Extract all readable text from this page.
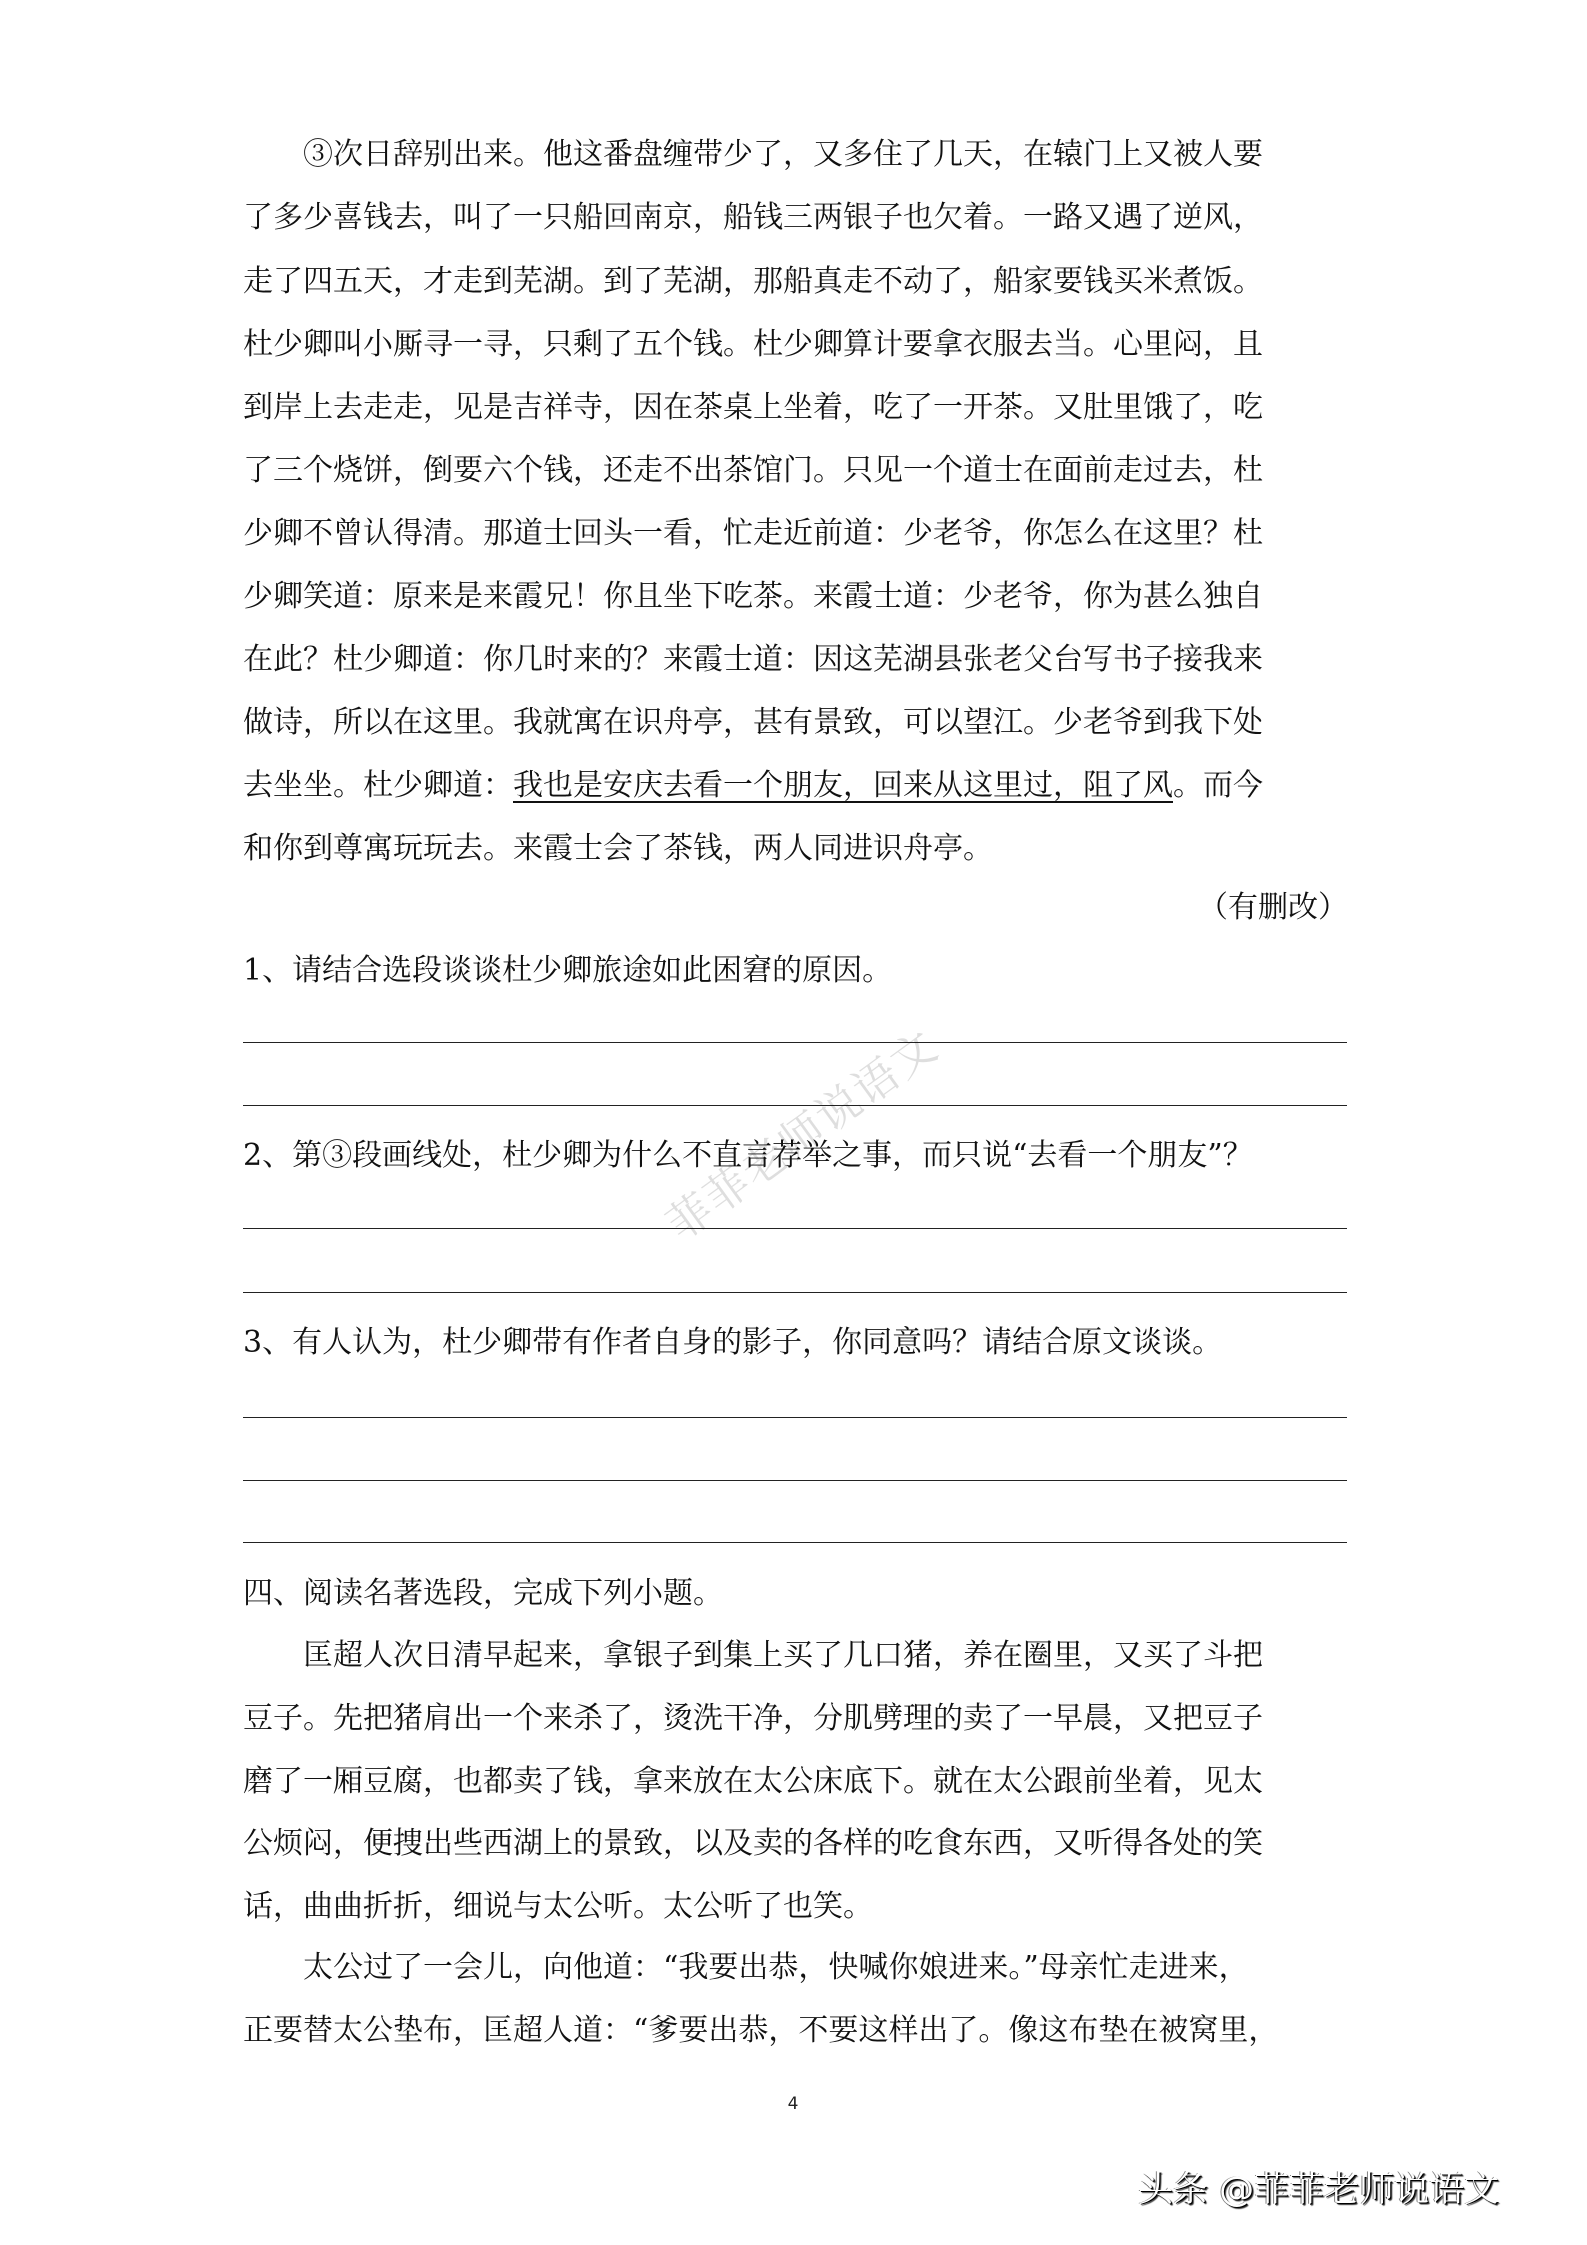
③次日辞别出来。他这番盘缠带少了，又多住了几天，在辕门上又被人要
了多少喜钱去，叫了一只船回南京，船钱三两银子也欠着。一路又遇了逆风，
走了四五天，才走到芜湖。到了芜湖，那船真走不动了，船家要钱买米煮饭。
杜少卿叫小厮寻一寻，只剩了五个钱。杜少卿算计要拿衣服去当。心里闷，且
到岸上去走走，见是吉祥寺，因在茶桌上坐着，吃了一开茶。又肚里饿了，吃
了三个烧饼，倒要六个钱，还走不出茶馆门。只见一个道士在面前走过去，杜
少卿不曾认得清。那道士回头一看，忙走近前道：少老爷，你怎么在这里？杜
少卿笑道：原来是来霞兄！你且坐下吃茶。来霞士道：少老爷，你为甚么独自
在此？杜少卿道：你几时来的？来霞士道：因这芜湖县张老父台写书子接我来
做诗，所以在这里。我就寓在识舟亭，甚有景致，可以望江。少老爷到我下处
去坐坐。杜少卿道：我也是安庆去看一个朋友，回来从这里过，阻了风。而今
和你到尊寓玩玩去。来霞士会了茶钱，两人同进识舟亭。
（有删改）
1、请结合选段谈谈杜少卿旅途如此困窘的原因。
2、第③段画线处，杜少卿为什么不直言荐举之事，而只说“去看一个朋友”？
3、有人认为，杜少卿带有作者自身的影子，你同意吗？请结合原文谈谈。
四、阅读名著选段，完成下列小题。
匡超人次日清早起来，拿银子到集上买了几口猪，养在圈里，又买了斗把
豆子。先把猪肩出一个来杀了，烫洗干净，分肌劈理的卖了一早晨，又把豆子
磨了一厢豆腐，也都卖了钱，拿来放在太公床底下。就在太公跟前坐着，见太
公烦闷，便捜出些西湖上的景致，以及卖的各样的吃食东西，又听得各处的笑
话，曲曲折折，细说与太公听。太公听了也笑。
太公过了一会儿，向他道：“我要出恭，快喊你娘进来。”母亲忙走进来，
正要替太公垫布，匡超人道：“爹要出恭，不要这样出了。像这布垫在被窝里，
菲菲老师说语文
4
头条 @菲菲老师说语文
